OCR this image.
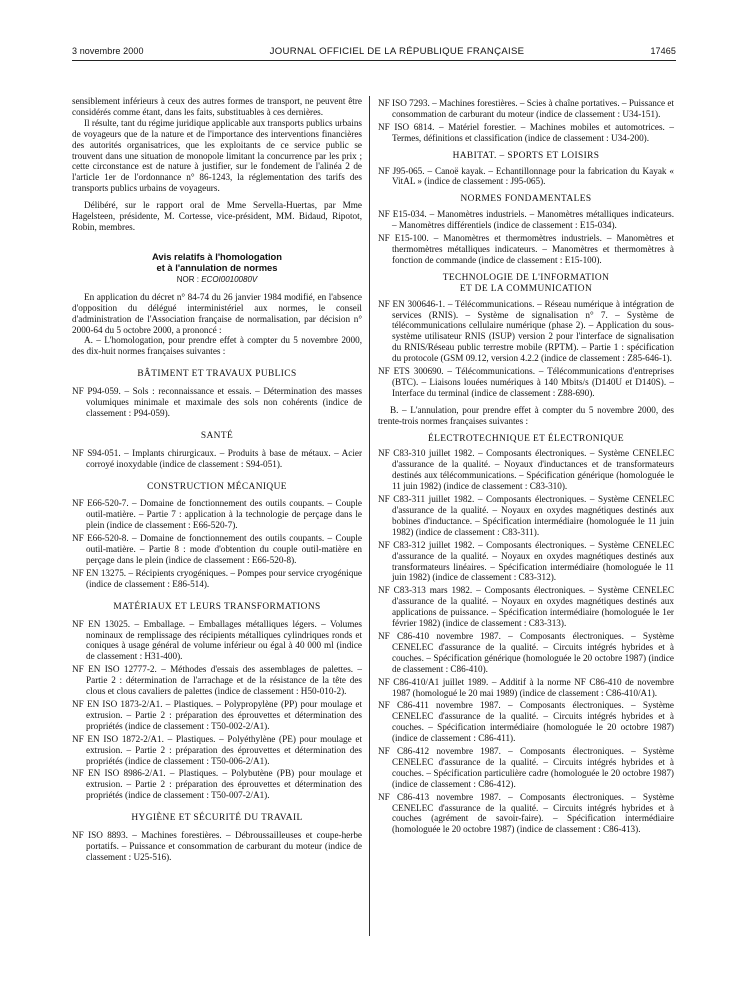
3 novembre 2000	JOURNAL OFFICIEL DE LA RÉPUBLIQUE FRANÇAISE	17465

sensiblement inférieurs à ceux des autres formes de transport, ne peuvent être considérés comme étant, dans les faits, substituables à ces dernières.

Il résulte, tant du régime juridique applicable aux transports publics urbains de voyageurs que de la nature et de l'importance des interventions financières des autorités organisatrices, que les exploitants de ce service public se trouvent dans une situation de monopole limitant la concurrence par les prix ; cette circonstance est de nature à justifier, sur le fondement de l'alinéa 2 de l'article 1er de l'ordonnance n° 86-1243, la réglementation des tarifs des transports publics urbains de voyageurs.

Délibéré, sur le rapport oral de Mme Servella-Huertas, par Mme Hagelsteen, présidente, M. Cortesse, vice-président, MM. Bidaud, Ripotot, Robin, membres.

Avis relatifs à l'homologation
et à l'annulation de normes
NOR : ECOI0010080V

En application du décret n° 84-74 du 26 janvier 1984 modifié, en l'absence d'opposition du délégué interministériel aux normes, le conseil d'administration de l'Association française de normalisation, par décision n° 2000-64 du 5 octobre 2000, a prononcé :

A. – L'homologation, pour prendre effet à compter du 5 novembre 2000, des dix-huit normes françaises suivantes :

BÂTIMENT ET TRAVAUX PUBLICS

NF P94-059. – Sols : reconnaissance et essais. – Détermination des masses volumiques minimale et maximale des sols non cohérents (indice de classement : P94-059).

SANTÉ

NF S94-051. – Implants chirurgicaux. – Produits à base de métaux. – Acier corroyé inoxydable (indice de classement : S94-051).

CONSTRUCTION MÉCANIQUE

NF E66-520-7. – Domaine de fonctionnement des outils coupants. – Couple outil-matière. – Partie 7 : application à la technologie de perçage dans le plein (indice de classement : E66-520-7).

NF E66-520-8. – Domaine de fonctionnement des outils coupants. – Couple outil-matière. – Partie 8 : mode d'obtention du couple outil-matière en perçage dans le plein (indice de classement : E66-520-8).

NF EN 13275. – Récipients cryogéniques. – Pompes pour service cryogénique (indice de classement : E86-514).

MATÉRIAUX ET LEURS TRANSFORMATIONS

NF EN 13025. – Emballage. – Emballages métalliques légers. – Volumes nominaux de remplissage des récipients métalliques cylindriques ronds et coniques à usage général de volume inférieur ou égal à 40 000 ml (indice de classement : H31-400).

NF EN ISO 12777-2. – Méthodes d'essais des assemblages de palettes. – Partie 2 : détermination de l'arrachage et de la résistance de la tête des clous et clous cavaliers de palettes (indice de classement : H50-010-2).

NF EN ISO 1873-2/A1. – Plastiques. – Polypropylène (PP) pour moulage et extrusion. – Partie 2 : préparation des éprouvettes et détermination des propriétés (indice de classement : T50-002-2/A1).

NF EN ISO 1872-2/A1. – Plastiques. – Polyéthylène (PE) pour moulage et extrusion. – Partie 2 : préparation des éprouvettes et détermination des propriétés (indice de classement : T50-006-2/A1).

NF EN ISO 8986-2/A1. – Plastiques. – Polybutène (PB) pour moulage et extrusion. – Partie 2 : préparation des éprouvettes et détermination des propriétés (indice de classement : T50-007-2/A1).

HYGIÈNE ET SÉCURITÉ DU TRAVAIL

NF ISO 8893. – Machines forestières. – Débroussailleuses et coupe-herbe portatifs. – Puissance et consommation de carburant du moteur (indice de classement : U25-516).

NF ISO 7293. – Machines forestières. – Scies à chaîne portatives. – Puissance et consommation de carburant du moteur (indice de classement : U34-151).

NF ISO 6814. – Matériel forestier. – Machines mobiles et automotrices. – Termes, définitions et classification (indice de classement : U34-200).

HABITAT. – SPORTS ET LOISIRS

NF J95-065. – Canoë kayak. – Echantillonnage pour la fabrication du Kayak « VitAL » (indice de classement : J95-065).

NORMES FONDAMENTALES

NF E15-034. – Manomètres industriels. – Manomètres métalliques indicateurs. – Manomètres différentiels (indice de classement : E15-034).

NF E15-100. – Manomètres et thermomètres industriels. – Manomètres et thermomètres métalliques indicateurs. – Manomètres et thermomètres à fonction de commande (indice de classement : E15-100).

TECHNOLOGIE DE L'INFORMATION
ET DE LA COMMUNICATION

NF EN 300646-1. – Télécommunications. – Réseau numérique à intégration de services (RNIS). – Système de signalisation n° 7. – Système de télécommunications cellulaire numérique (phase 2). – Application du sous-système utilisateur RNIS (ISUP) version 2 pour l'interface de signalisation du RNIS/Réseau public terrestre mobile (RPTM). – Partie 1 : spécification du protocole (GSM 09.12, version 4.2.2 (indice de classement : Z85-646-1).

NF ETS 300690. – Télécommunications. – Télécommunications d'entreprises (BTC). – Liaisons louées numériques à 140 Mbits/s (D140U et D140S). – Interface du terminal (indice de classement : Z88-690).

B. – L'annulation, pour prendre effet à compter du 5 novembre 2000, des trente-trois normes françaises suivantes :

ÉLECTROTECHNIQUE ET ÉLECTRONIQUE

NF C83-310 juillet 1982. – Composants électroniques. – Système CENELEC d'assurance de la qualité. – Noyaux d'inductances et de transformateurs destinés aux télécommunications. – Spécification générique (homologuée le 11 juin 1982) (indice de classement : C83-310).

NF C83-311 juillet 1982. – Composants électroniques. – Système CENELEC d'assurance de la qualité. – Noyaux en oxydes magnétiques destinés aux bobines d'inductance. – Spécification intermédiaire (homologuée le 11 juin 1982) (indice de classement : C83-311).

NF C83-312 juillet 1982. – Composants électroniques. – Système CENELEC d'assurance de la qualité. – Noyaux en oxydes magnétiques destinés aux transformateurs linéaires. – Spécification intermédiaire (homologuée le 11 juin 1982) (indice de classement : C83-312).

NF C83-313 mars 1982. – Composants électroniques. – Système CENELEC d'assurance de la qualité. – Noyaux en oxydes magnétiques destinés aux applications de puissance. – Spécification intermédiaire (homologuée le 1er février 1982) (indice de classement : C83-313).

NF C86-410 novembre 1987. – Composants électroniques. – Système CENELEC d'assurance de la qualité. – Circuits intégrés hybrides et à couches. – Spécification générique (homologuée le 20 octobre 1987) (indice de classement : C86-410).

NF C86-410/A1 juillet 1989. – Additif à la norme NF C86-410 de novembre 1987 (homologué le 20 mai 1989) (indice de classement : C86-410/A1).

NF C86-411 novembre 1987. – Composants électroniques. – Système CENELEC d'assurance de la qualité. – Circuits intégrés hybrides et à couches. – Spécification intermédiaire (homologuée le 20 octobre 1987) (indice de classement : C86-411).

NF C86-412 novembre 1987. – Composants électroniques. – Système CENELEC d'assurance de la qualité. – Circuits intégrés hybrides et à couches. – Spécification particulière cadre (homologuée le 20 octobre 1987) (indice de classement : C86-412).

NF C86-413 novembre 1987. – Composants électroniques. – Système CENELEC d'assurance de la qualité. – Circuits intégrés hybrides et à couches (agrément de savoir-faire). – Spécification intermédiaire (homologuée le 20 octobre 1987) (indice de classement : C86-413).
